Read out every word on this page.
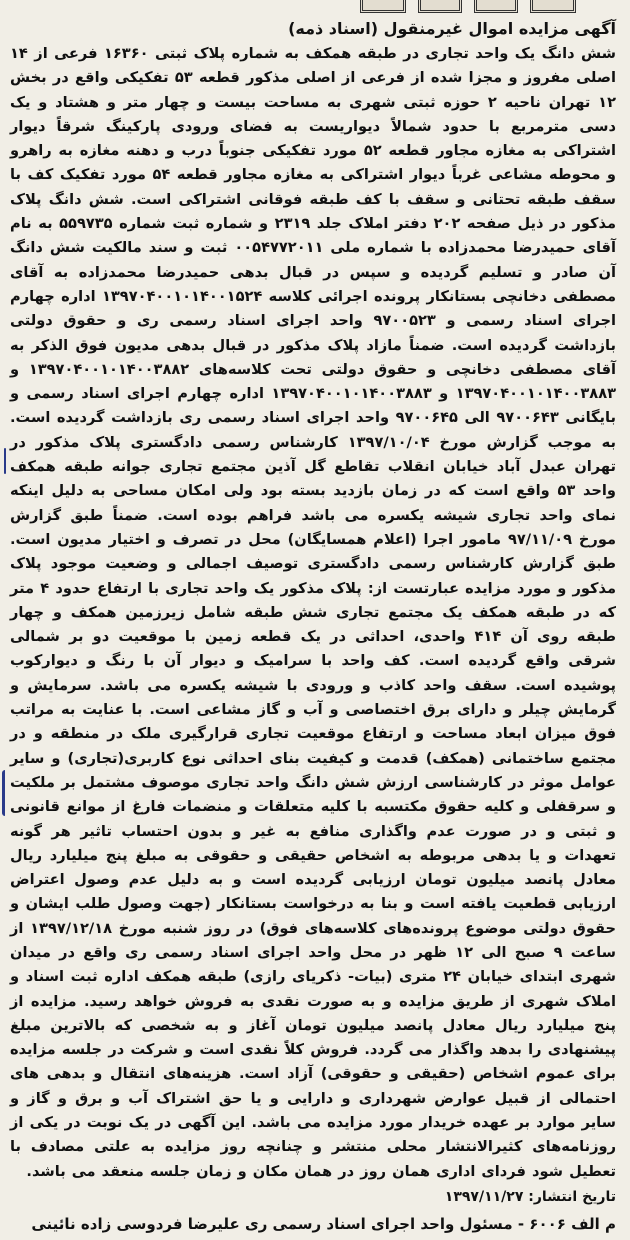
آگهی مزایده اموال غیرمنقول (اسناد ذمه)

شش دانگ یک واحد تجاری در طبقه همکف به شماره پلاک ثبتی ۱۶۳۶۰ فرعی از ۱۴ اصلی مفروز و مجزا شده از فرعی از اصلی مذکور قطعه ۵۳ تفکیکی واقع در بخش ۱۲ تهران ناحیه ۲ حوزه ثبتی شهری به مساحت بیست و چهار متر و هشتاد و یک دسی مترمربع با حدود شمالاً دیواریست به فضای ورودی پارکینگ شرقاً دیوار اشتراکی به مغازه مجاور قطعه ۵۲ مورد تفکیکی جنوباً درب و دهنه مغازه به راهرو و محوطه مشاعی غرباً دیوار اشتراکی به مغازه مجاور قطعه ۵۴ مورد تفکیک کف با سقف طبقه تحتانی و سقف با کف طبقه فوقانی اشتراکی است. شش دانگ پلاک مذکور در ذیل صفحه ۲۰۲ دفتر املاک جلد ۲۳۱۹ و شماره ثبت شماره ۵۵۹۷۳۵ به نام آقای حمیدرضا محمدزاده با شماره ملی ۰۰۵۴۷۷۲۰۱۱ ثبت و سند مالکیت شش دانگ آن صادر و تسلیم گردیده و سپس در قبال بدهی حمیدرضا محمدزاده به آقای مصطفی دخانچی بستانکار پرونده اجرائی کلاسه ۱۳۹۷۰۴۰۰۱۰۱۴۰۰۱۵۲۴ اداره چهارم اجرای اسناد رسمی و ۹۷۰۰۵۲۳ واحد اجرای اسناد رسمی ری و حقوق دولتی بازداشت گردیده است. ضمناً مازاد پلاک مذکور در قبال بدهی مدیون فوق الذکر به آقای مصطفی دخانچی و حقوق دولتی تحت کلاسه‌های ۱۳۹۷۰۴۰۰۱۰۱۴۰۰۳۸۸۲ و ۱۳۹۷۰۴۰۰۱۰۱۴۰۰۳۸۸۳ و ۱۳۹۷۰۴۰۰۱۰۱۴۰۰۳۸۸۳ اداره چهارم اجرای اسناد رسمی و بایگانی ۹۷۰۰۶۴۳ الی ۹۷۰۰۶۴۵ واحد اجرای اسناد رسمی ری بازداشت گردیده است. به موجب گزارش مورخ ۱۳۹۷/۱۰/۰۴ کارشناس رسمی دادگستری پلاک مذکور در تهران عبدل آباد خیابان انقلاب تقاطع گل آذین مجتمع تجاری جوانه طبقه همکف واحد ۵۳ واقع است که در زمان بازدید بسته بود ولی امکان مساحی به دلیل اینکه نمای واحد تجاری شیشه یکسره می باشد فراهم بوده است. ضمناً طبق گزارش مورخ ۹۷/۱۱/۰۹ مامور اجرا (اعلام همسایگان) محل در تصرف و اختیار مدیون است. طبق گزارش کارشناس رسمی دادگستری توصیف اجمالی و وضعیت موجود پلاک مذکور و مورد مزایده عبارتست از: پلاک مذکور یک واحد تجاری با ارتفاع حدود ۴ متر که در طبقه همکف یک مجتمع تجاری شش طبقه شامل زیرزمین همکف و چهار طبقه روی آن ۴۱۴ واحدی، احداثی در یک قطعه زمین با موقعیت دو بر شمالی شرقی واقع گردیده است. کف واحد با سرامیک و دیوار آن با رنگ و دیوارکوب پوشیده است. سقف واحد کاذب و ورودی با شیشه یکسره می باشد. سرمایش و گرمایش چیلر و دارای برق اختصاصی و آب و گاز مشاعی است. با عنایت به مراتب فوق میزان ابعاد مساحت و ارتفاع موقعیت تجاری قرارگیری ملک در منطقه و در مجتمع ساختمانی (همکف) قدمت و کیفیت بنای احداثی نوع کاربری(تجاری) و سایر عوامل موثر در کارشناسی ارزش شش دانگ واحد تجاری موصوف مشتمل بر ملکیت و سرقفلی و کلیه حقوق مکتسبه با کلیه متعلقات و منضمات فارغ از موانع قانونی و ثبتی و در صورت عدم واگذاری منافع به غیر و بدون احتساب تاثیر هر گونه تعهدات و یا بدهی مربوطه به اشخاص حقیقی و حقوقی به مبلغ پنج میلیارد ریال معادل پانصد میلیون تومان ارزیابی گردیده است و به دلیل عدم وصول اعتراض ارزیابی قطعیت یافته است و بنا به درخواست بستانکار (جهت وصول طلب ایشان و حقوق دولتی موضوع پرونده‌های کلاسه‌های فوق) در روز شنبه مورخ ۱۳۹۷/۱۲/۱۸ از ساعت ۹ صبح الی ۱۲ ظهر در محل واحد اجرای اسناد رسمی ری واقع در میدان شهری ابتدای خیابان ۲۴ متری (بیات- ذکریای رازی) طبقه همکف اداره ثبت اسناد و املاک شهری از طریق مزایده و به صورت نقدی به فروش خواهد رسید. مزایده از پنج میلیارد ریال معادل پانصد میلیون تومان آغاز و به شخصی که بالاترین مبلغ پیشنهادی را بدهد واگذار می گردد. فروش کلاً نقدی است و شرکت در جلسه مزایده برای عموم اشخاص (حقیقی و حقوقی) آزاد است. هزینه‌های انتقال و بدهی های احتمالی از قبیل عوارض شهرداری و دارایی و یا حق اشتراک آب و برق و گاز و سایر موارد بر عهده خریدار مورد مزایده می باشد. این آگهی در یک نوبت در یکی از روزنامه‌های کثیرالانتشار محلی منتشر و چنانچه روز مزایده به علتی مصادف با تعطیل شود فردای اداری همان روز در همان مکان و زمان جلسه منعقد می باشد.

تاریخ انتشار: ۱۳۹۷/۱۱/۲۷

م الف ۶۰۰۶ - مسئول واحد اجرای اسناد رسمی ری علیرضا فردوسی زاده نائینی
